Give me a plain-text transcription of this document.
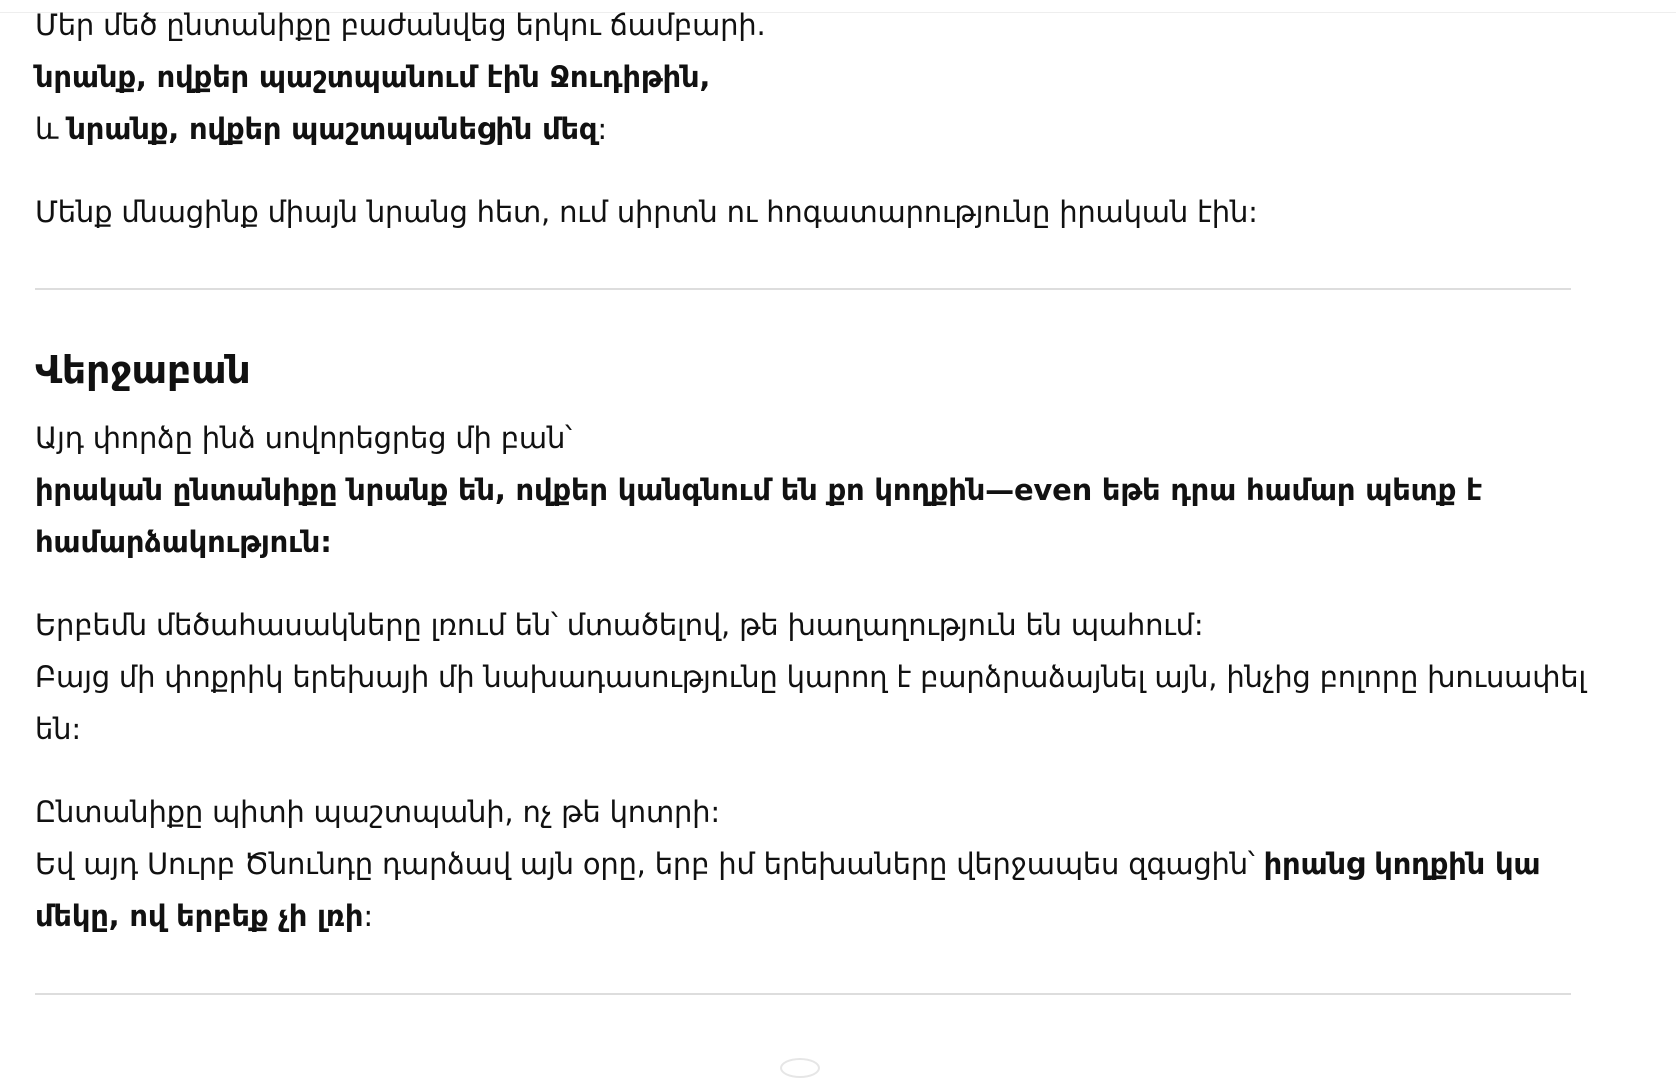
Մեր մեծ ընտանիքը բաժանվեց երկու ճամբարի.
նրանք, ովքեր պաշտպանում էին Ջուդիթին,
և նրանք, ովքեր պաշտպանեցին մեզ:
Մենք մնացինք միայն նրանց հետ, ում սիրտն ու հոգատարությունը իրական էին:
Վերջաբան
Այդ փորձը ինձ սովորեցրեց մի բան՝
իրական ընտանիքը նրանք են, ովքեր կանգնում են քո կողքին—even եթե դրա համար պետք է
համարձակություն:
Երբեմն մեծահասակները լռում են՝ մտածելով, թե խաղաղություն են պահում:
Բայց մի փոքրիկ երեխայի մի նախադասությունը կարող է բարձրաձայնել այն, ինչից բոլորը խուսափել
են:
Ընտանիքը պիտի պաշտպանի, ոչ թե կոտրի:
Եվ այդ Սուրբ Ծնունդը դարձավ այն օրը, երբ իմ երեխաները վերջապես զգացին՝ իրանց կողքին կա
մեկը, ով երբեք չի լռի:
